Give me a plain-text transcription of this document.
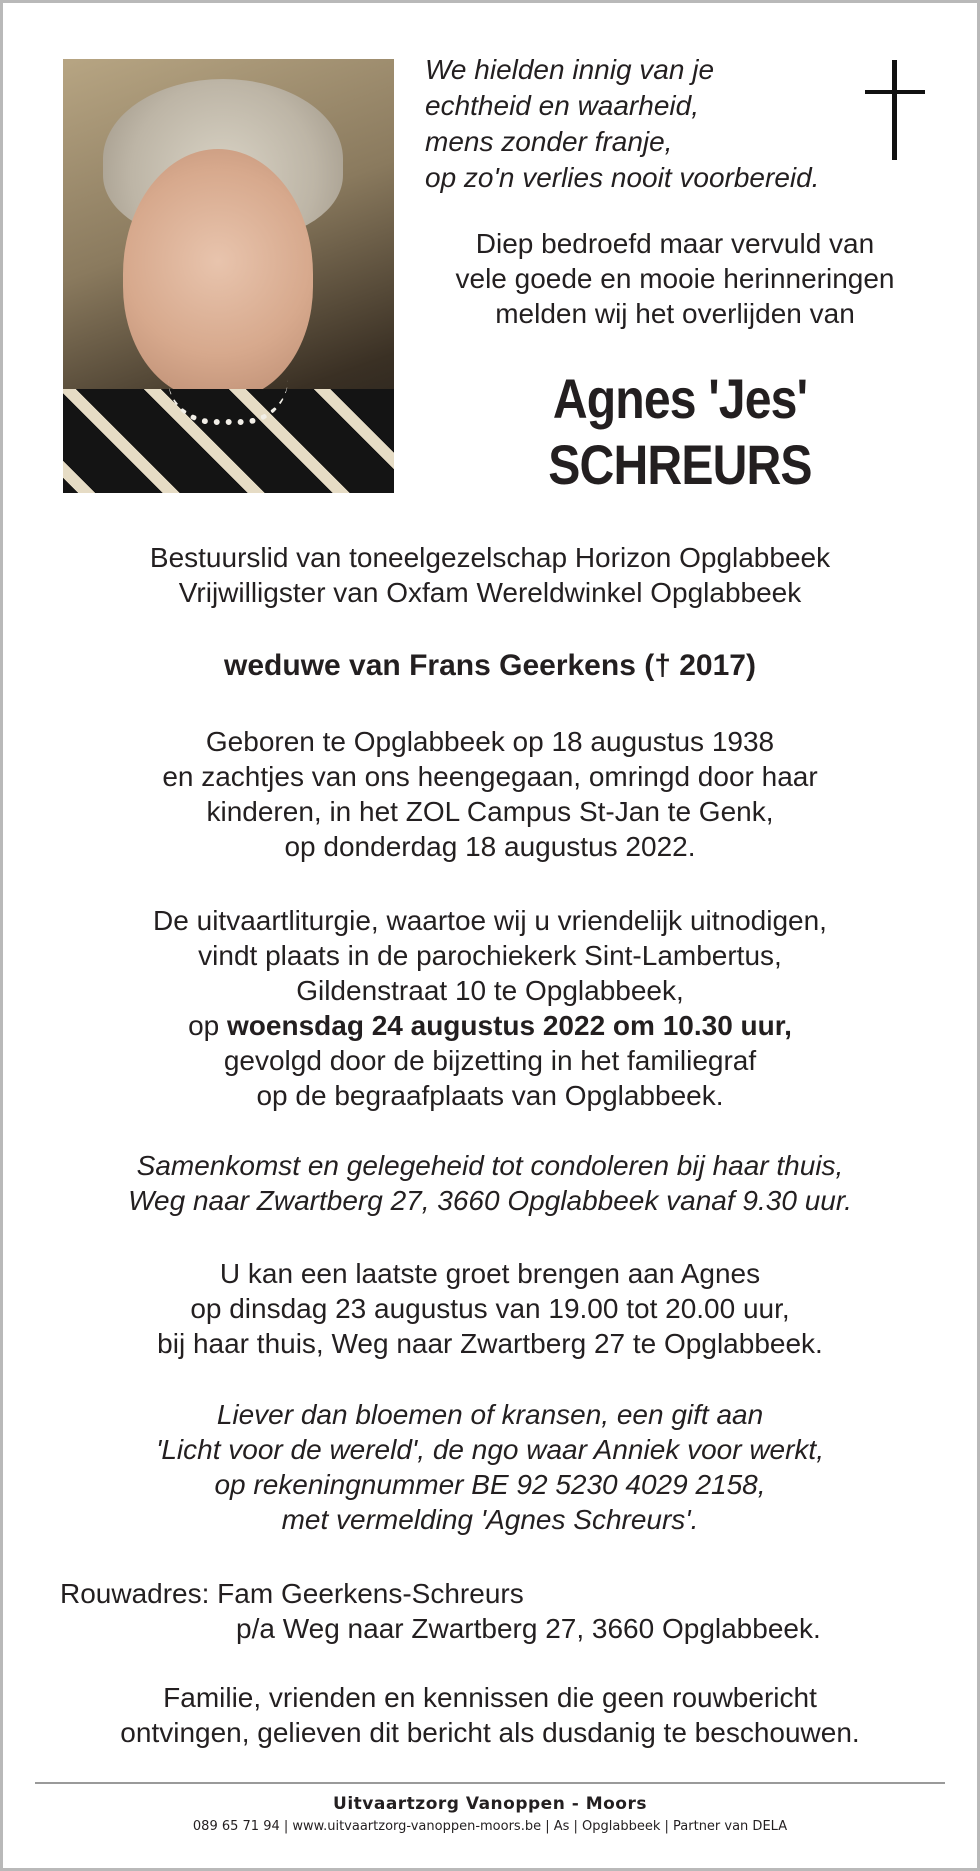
We hielden innig van je
echtheid en waarheid,
mens zonder franje,
op zo'n verlies nooit voorbereid.
Diep bedroefd maar vervuld van
vele goede en mooie herinneringen
melden wij het overlijden van
Agnes 'Jes'
SCHREURS
Bestuurslid van toneelgezelschap Horizon Opglabbeek
Vrijwilligster van Oxfam Wereldwinkel Opglabbeek
weduwe van Frans Geerkens († 2017)
Geboren te Opglabbeek op 18 augustus 1938
en zachtjes van ons heengegaan, omringd door haar
kinderen, in het ZOL Campus St-Jan te Genk,
op donderdag 18 augustus 2022.
De uitvaartliturgie, waartoe wij u vriendelijk uitnodigen,
vindt plaats in de parochiekerk Sint-Lambertus,
Gildenstraat 10 te Opglabbeek,
op woensdag 24 augustus 2022 om 10.30 uur,
gevolgd door de bijzetting in het familiegraf
op de begraafplaats van Opglabbeek.
Samenkomst en gelegeheid tot condoleren bij haar thuis,
Weg naar Zwartberg 27, 3660 Opglabbeek vanaf 9.30 uur.
U kan een laatste groet brengen aan Agnes
op dinsdag 23 augustus van 19.00 tot 20.00 uur,
bij haar thuis, Weg naar Zwartberg 27 te Opglabbeek.
Liever dan bloemen of kransen, een gift aan
'Licht voor de wereld', de ngo waar Anniek voor werkt,
op rekeningnummer BE 92 5230 4029 2158,
met vermelding 'Agnes Schreurs'.
Rouwadres: Fam Geerkens-Schreurs
p/a Weg naar Zwartberg 27, 3660 Opglabbeek.
Familie, vrienden en kennissen die geen rouwbericht
ontvingen, gelieven dit bericht als dusdanig te beschouwen.
Uitvaartzorg Vanoppen - Moors
089 65 71 94 | www.uitvaartzorg-vanoppen-moors.be | As | Opglabbeek | Partner van DELA
